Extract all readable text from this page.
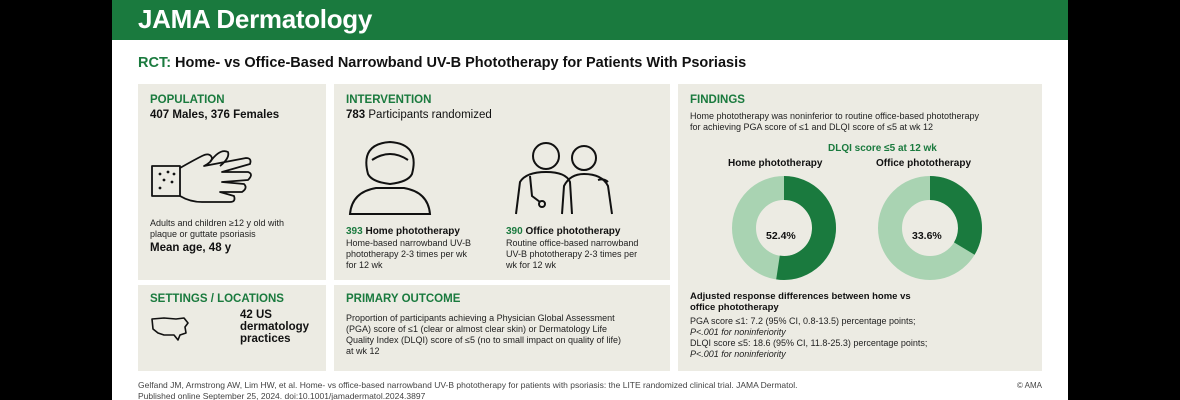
JAMA Dermatology
RCT: Home- vs Office-Based Narrowband UV-B Phototherapy for Patients With Psoriasis
POPULATION
407 Males, 376 Females
Adults and children ≥12 y old with
plaque or guttate psoriasis
Mean age, 48 y
SETTINGS / LOCATIONS
42 US
dermatology
practices
INTERVENTION
783 Participants randomized
393 Home phototherapy
Home-based narrowband UV-B
phototherapy 2-3 times per wk
for 12 wk
390 Office phototherapy
Routine office-based narrowband
UV-B phototherapy 2-3 times per
wk for 12 wk
PRIMARY OUTCOME
Proportion of participants achieving a Physician Global Assessment
(PGA) score of ≤1 (clear or almost clear skin) or Dermatology Life
Quality Index (DLQI) score of ≤5 (no to small impact on quality of life)
at wk 12
FINDINGS
Home phototherapy was noninferior to routine office-based phototherapy
for achieving PGA score of ≤1 and DLQI score of ≤5 at wk 12
DLQI score ≤5 at 12 wk
Home phototherapy	Office phototherapy
52.4%	33.6%
Adjusted response differences between home vs
office phototherapy
PGA score ≤1: 7.2 (95% CI, 0.8-13.5) percentage points;
P<.001 for noninferiority
DLQI score ≤5: 18.6 (95% CI, 11.8-25.3) percentage points;
P<.001 for noninferiority
Gelfand JM, Armstrong AW, Lim HW, et al. Home- vs office-based narrowband UV-B phototherapy for patients with psoriasis: the LITE randomized clinical trial. JAMA Dermatol.
Published online September 25, 2024. doi:10.1001/jamadermatol.2024.3897
© AMA
